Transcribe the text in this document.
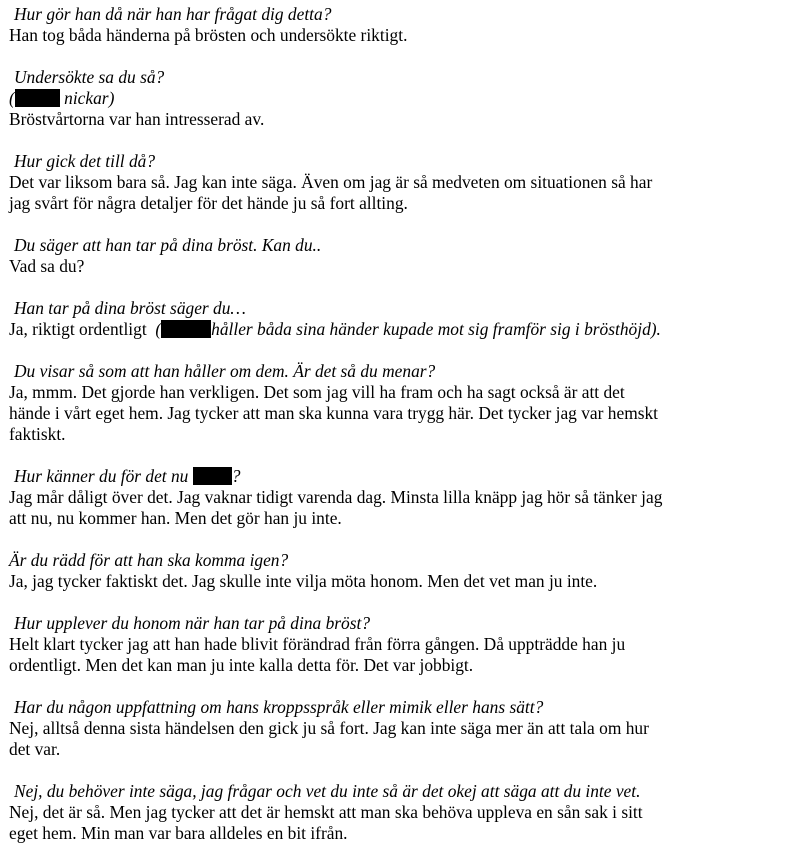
Hur gör han då när han har frågat dig detta?
Han tog båda händerna på brösten och undersökte riktigt.
Undersökte sa du så?
(	nickar)
Bröstvårtorna var han intresserad av.
Hur gick det till då?
Det var liksom bara så. Jag kan inte säga. Även om jag är så medveten om situationen så har
jag svårt för några detaljer för det hände ju så fort allting.
Du säger att han tar på dina bröst. Kan du..
Vad sa du?
Han tar på dina bröst säger du…
Ja, riktigt ordentligt  (	håller båda sina händer kupade mot sig framför sig i brösthöjd).
Du visar så som att han håller om dem. Är det så du menar?
Ja, mmm. Det gjorde han verkligen. Det som jag vill ha fram och ha sagt också är att det
hände i vårt eget hem. Jag tycker att man ska kunna vara trygg här. Det tycker jag var hemskt
faktiskt.
Hur känner du för det nu ?
Jag mår dåligt över det. Jag vaknar tidigt varenda dag. Minsta lilla knäpp jag hör så tänker jag
att nu, nu kommer han. Men det gör han ju inte.
Är du rädd för att han ska komma igen?
Ja, jag tycker faktiskt det. Jag skulle inte vilja möta honom. Men det vet man ju inte.
Hur upplever du honom när han tar på dina bröst?
Helt klart tycker jag att han hade blivit förändrad från förra gången. Då uppträdde han ju
ordentligt. Men det kan man ju inte kalla detta för. Det var jobbigt.
Har du någon uppfattning om hans kroppsspråk eller mimik eller hans sätt?
Nej, alltså denna sista händelsen den gick ju så fort. Jag kan inte säga mer än att tala om hur
det var.
Nej, du behöver inte säga, jag frågar och vet du inte så är det okej att säga att du inte vet.
Nej, det är så. Men jag tycker att det är hemskt att man ska behöva uppleva en sån sak i sitt
eget hem. Min man var bara alldeles en bit ifrån.
